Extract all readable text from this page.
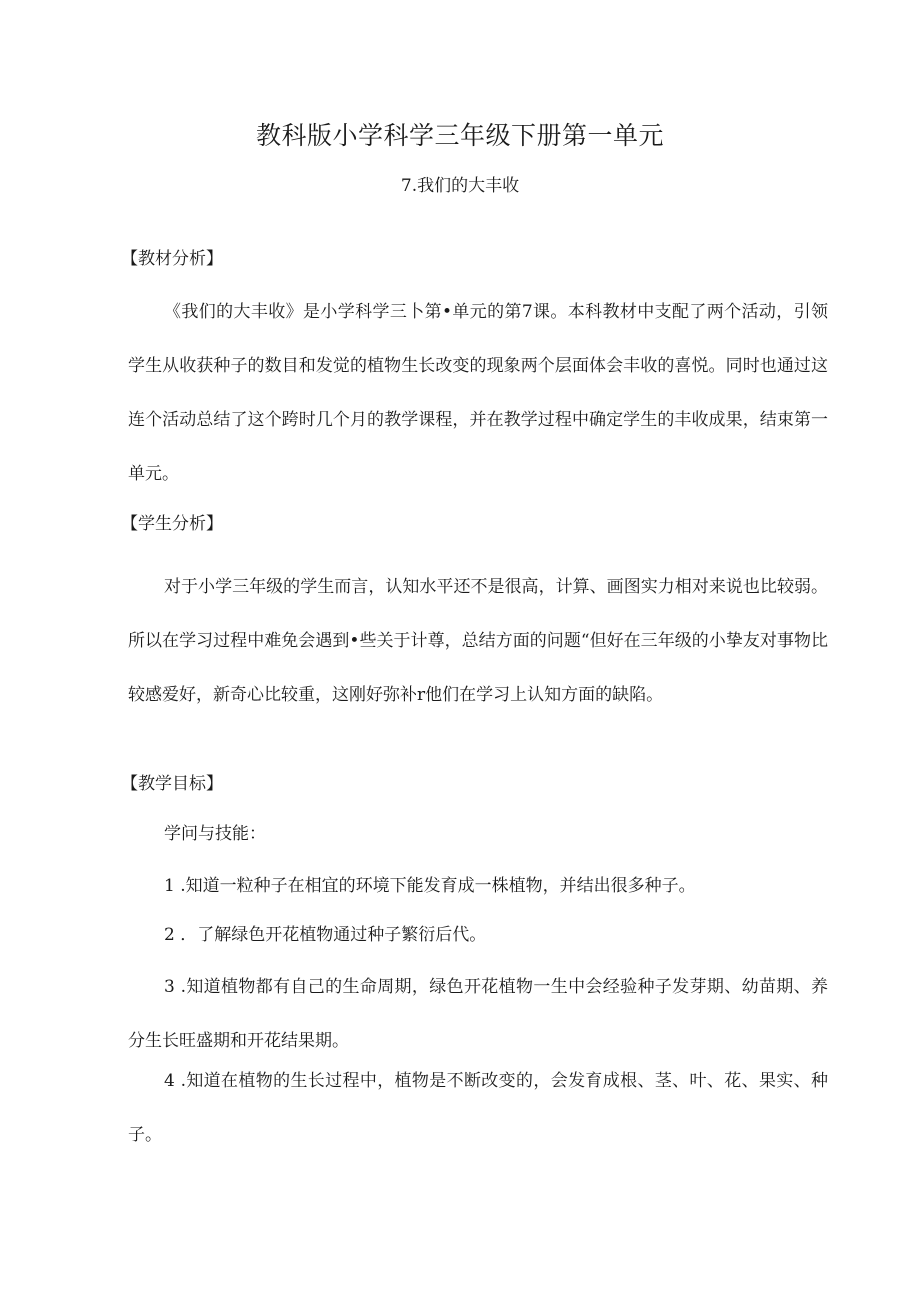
教科版小学科学三年级下册第一单元
7.我们的大丰收
【教材分析】

《我们的大丰收》是小学科学三卜第•单元的第7课。本科教材中支配了两个活动，引领学生从收获种子的数目和发觉的植物生长改变的现象两个层面体会丰收的喜悦。同时也通过这连个活动总结了这个跨时几个月的教学课程，并在教学过程中确定学生的丰收成果，结束第一单元。

【学生分析】

对于小学三年级的学生而言，认知水平还不是很高，计算、画图实力相对来说也比较弱。所以在学习过程中难免会遇到•些关于计尊，总结方面的问题“但好在三年级的小挚友对事物比较感爱好，新奇心比较重，这刚好弥补r他们在学习上认知方面的缺陷。

【教学目标】
学问与技能：
1 .知道一粒种子在相宜的环境下能发育成一株植物，并结出很多种子。
2 ．了解绿色开花植物通过种子繁衍后代。

3 .知道植物都有自己的生命周期，绿色开花植物一生中会经验种子发芽期、幼苗期、养分生长旺盛期和开花结果期。

4 .知道在植物的生长过程中，植物是不断改变的，会发育成根、茎、叶、花、果实、种子。
